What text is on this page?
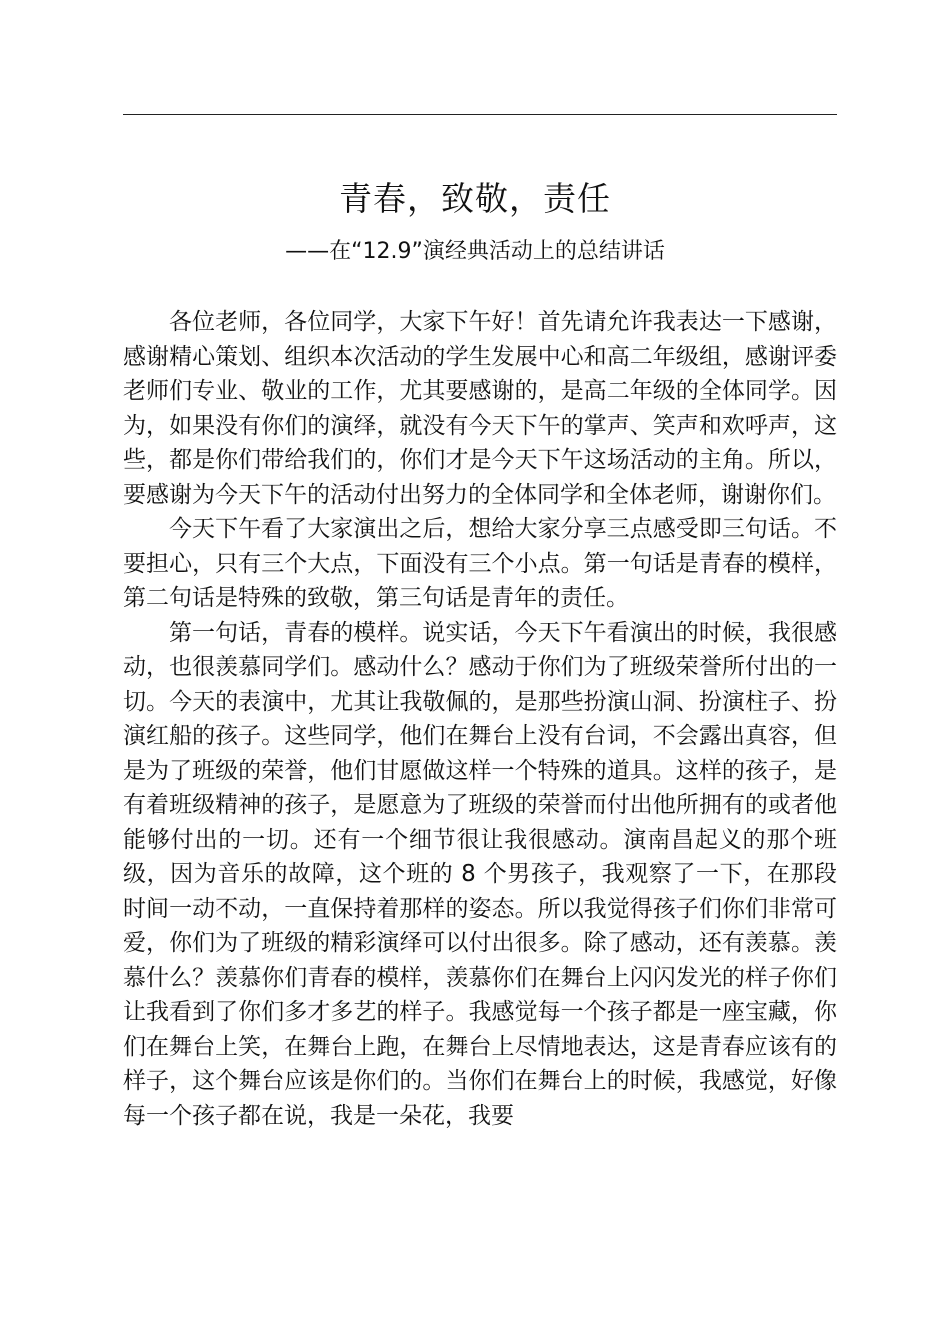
青春，致敬，责任
——在“12.9”演经典活动上的总结讲话

各位老师，各位同学，大家下午好！首先请允许我表达一下感谢，感谢精心策划、组织本次活动的学生发展中心和高二年级组，感谢评委老师们专业、敬业的工作，尤其要感谢的，是高二年级的全体同学。因为，如果没有你们的演绎，就没有今天下午的掌声、笑声和欢呼声，这些，都是你们带给我们的，你们才是今天下午这场活动的主角。所以，要感谢为今天下午的活动付出努力的全体同学和全体老师，谢谢你们。

今天下午看了大家演出之后，想给大家分享三点感受即三句话。不要担心，只有三个大点，下面没有三个小点。第一句话是青春的模样，第二句话是特殊的致敬，第三句话是青年的责任。

第一句话，青春的模样。说实话，今天下午看演出的时候，我很感动，也很羡慕同学们。感动什么？感动于你们为了班级荣誉所付出的一切。今天的表演中，尤其让我敬佩的，是那些扮演山洞、扮演柱子、扮演红船的孩子。这些同学，他们在舞台上没有台词，不会露出真容，但是为了班级的荣誉，他们甘愿做这样一个特殊的道具。这样的孩子，是有着班级精神的孩子，是愿意为了班级的荣誉而付出他所拥有的或者他能够付出的一切。还有一个细节很让我很感动。演南昌起义的那个班级，因为音乐的故障，这个班的 8 个男孩子，我观察了一下，在那段时间一动不动，一直保持着那样的姿态。所以我觉得孩子们你们非常可爱，你们为了班级的精彩演绎可以付出很多。除了感动，还有羡慕。羡慕什么？羡慕你们青春的模样，羡慕你们在舞台上闪闪发光的样子你们让我看到了你们多才多艺的样子。我感觉每一个孩子都是一座宝藏，你们在舞台上笑，在舞台上跑，在舞台上尽情地表达，这是青春应该有的样子，这个舞台应该是你们的。当你们在舞台上的时候，我感觉，好像每一个孩子都在说，我是一朵花，我要
